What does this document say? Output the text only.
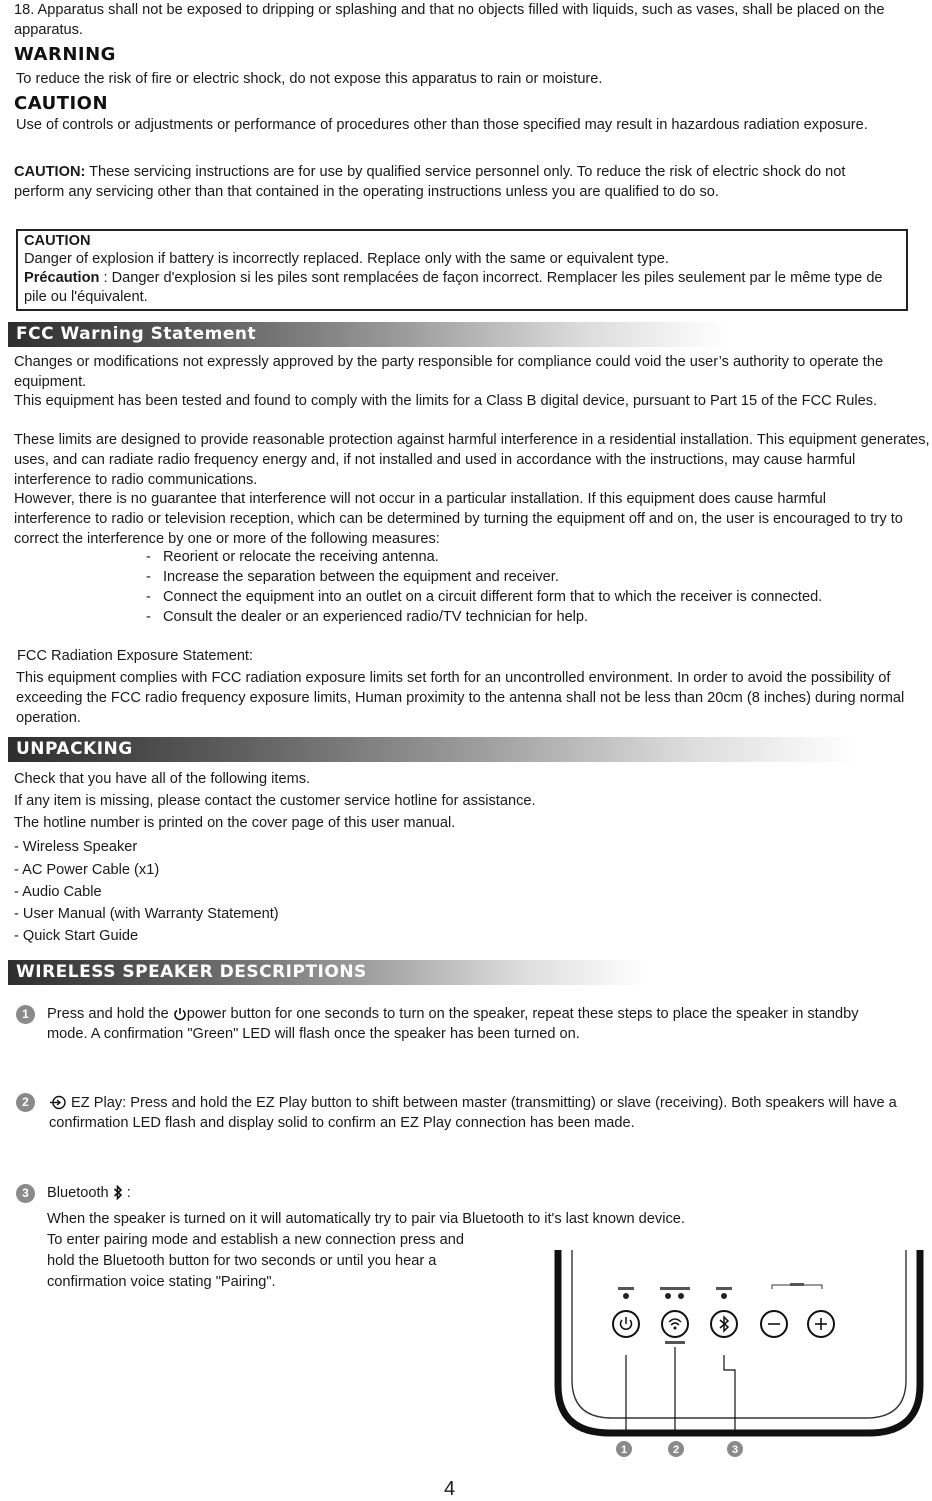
18. Apparatus shall not be exposed to dripping or splashing and that no objects filled with liquids, such as vases, shall be placed on the apparatus.

WARNING

To reduce the risk of fire or electric shock, do not expose this apparatus to rain or moisture.

CAUTION

Use of controls or adjustments or performance of procedures other than those specified may result in hazardous radiation exposure.

CAUTION: These servicing instructions are for use by qualified service personnel only. To reduce the risk of electric shock do not perform any servicing other than that contained in the operating instructions unless you are qualified to do so.

CAUTION

Danger of explosion if battery is incorrectly replaced. Replace only with the same or equivalent type.

Précaution : Danger d'explosion si les piles sont remplacées de façon incorrect. Remplacer les piles seulement par le même type de pile ou l'équivalent.

FCC Warning Statement

Changes or modifications not expressly approved by the party responsible for compliance could void the user’s authority to operate the equipment.

This equipment has been tested and found to comply with the limits for a Class B digital device, pursuant to Part 15 of the FCC Rules.

These limits are designed to provide reasonable protection against harmful interference in a residential installation. This equipment generates, uses, and can radiate radio frequency energy and, if not installed and used in accordance with the instructions, may cause harmful interference to radio communications.

However, there is no guarantee that interference will not occur in a particular installation. If this equipment does cause harmful interference to radio or television reception, which can be determined by turning the equipment off and on, the user is encouraged to try to correct the interference by one or more of the following measures:

- Reorient or relocate the receiving antenna.
- Increase the separation between the equipment and receiver.
- Connect the equipment into an outlet on a circuit different form that to which the receiver is connected.
- Consult the dealer or an experienced radio/TV technician for help.

FCC Radiation Exposure Statement:

This equipment complies with FCC radiation exposure limits set forth for an uncontrolled environment. In order to avoid the possibility of exceeding the FCC radio frequency exposure limits, Human proximity to the antenna shall not be less than 20cm (8 inches) during normal operation.

UNPACKING

Check that you have all of the following items.

If any item is missing, please contact the customer service hotline for assistance.

The hotline number is printed on the cover page of this user manual.

- Wireless Speaker
- AC Power Cable (x1)
- Audio Cable
- User Manual (with Warranty Statement)
- Quick Start Guide
WIRELESS SPEAKER DESCRIPTIONS
1	Press and hold the power button for one seconds to turn on the speaker, repeat these steps to place the speaker in standby mode. A confirmation "Green" LED will flash once the speaker has been turned on.

2	EZ Play: Press and hold the EZ Play button to shift between master (transmitting) or slave (receiving). Both speakers will have a confirmation LED flash and display solid to confirm an EZ Play connection has been made.

3	Bluetooth  :

When the speaker is turned on it will automatically try to pair via Bluetooth to it's last known device.

To enter pairing mode and establish a new connection press and hold the Bluetooth button for two seconds or until you hear a confirmation voice stating "Pairing".

1	2	3
4
